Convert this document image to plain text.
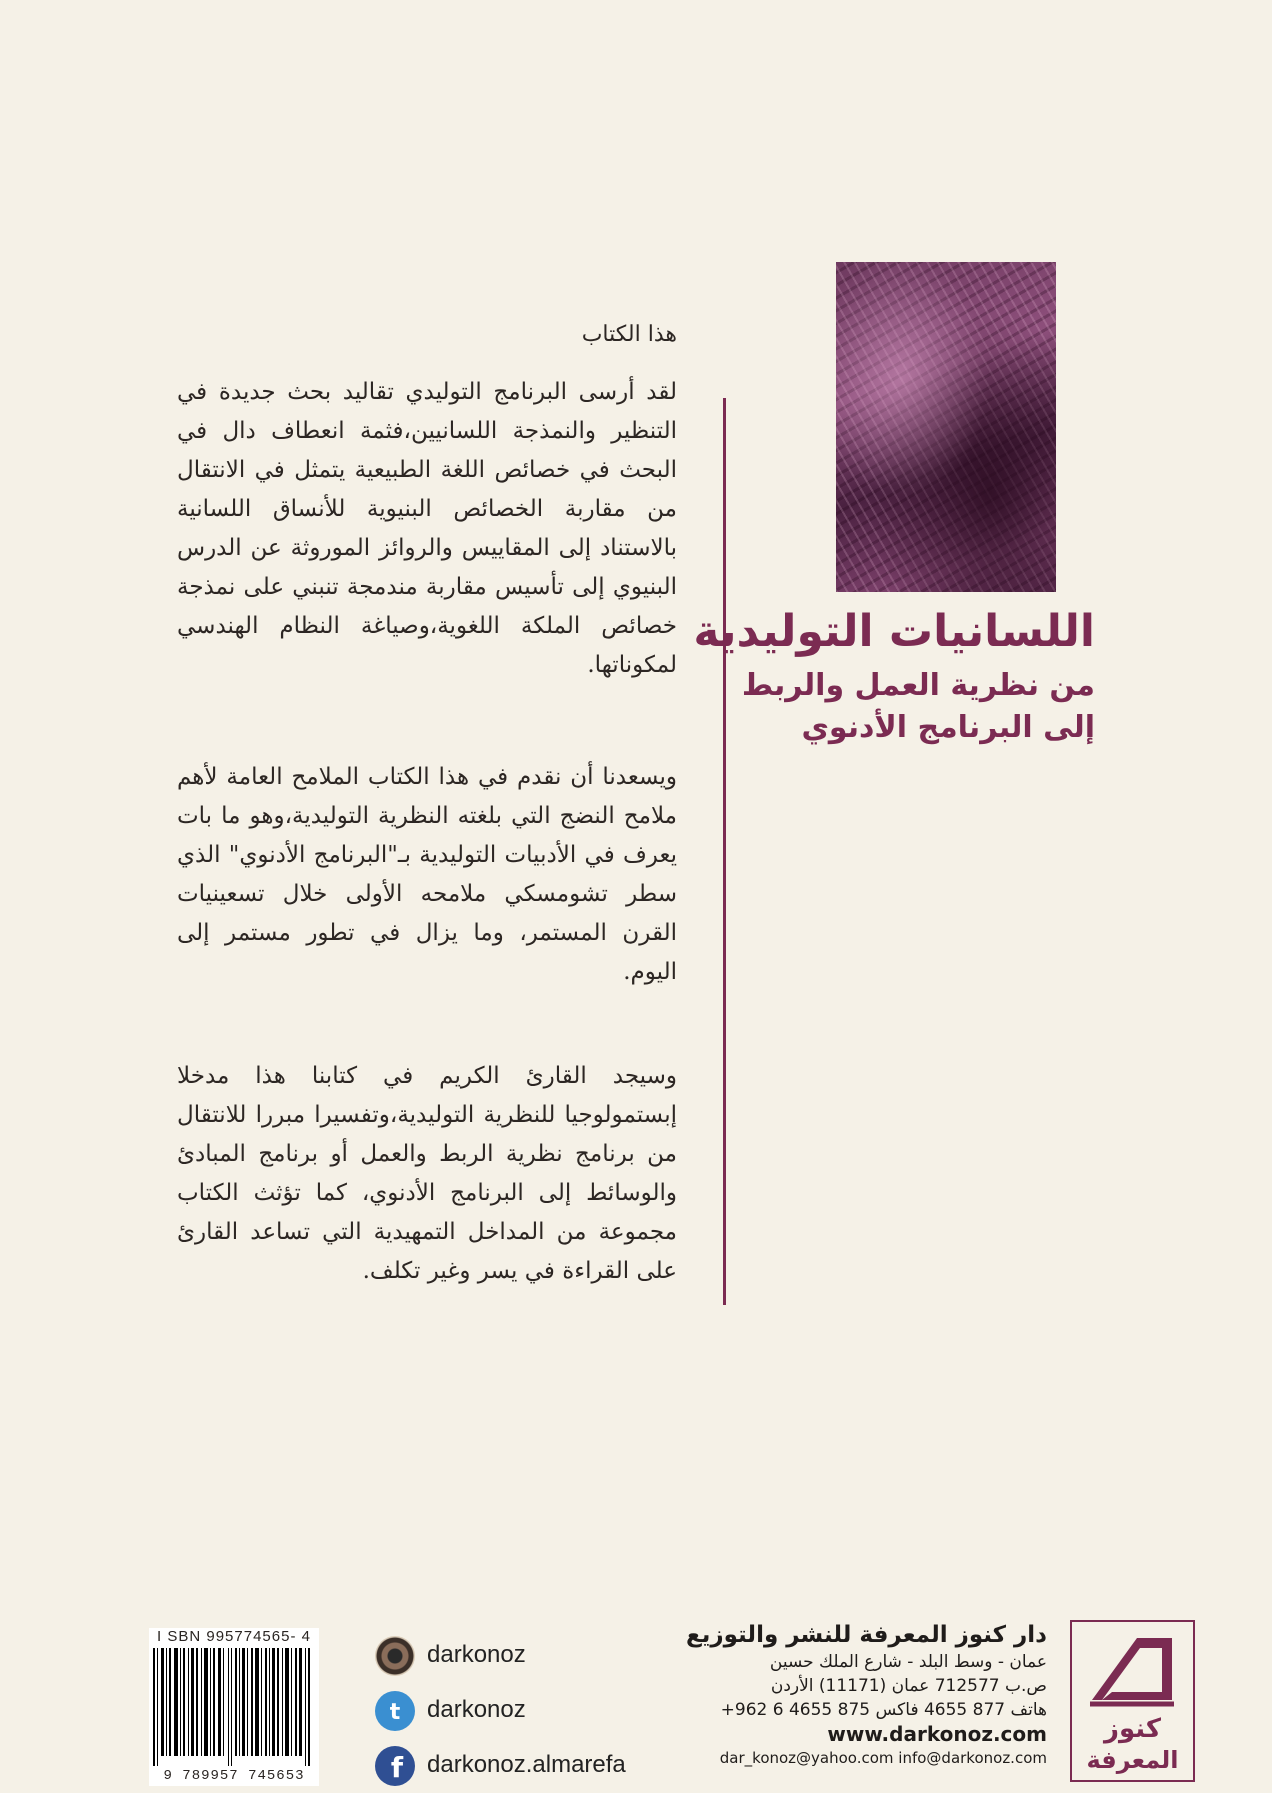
اللسانيات التوليدية
من نظرية العمل والربط
إلى البرنامج الأدنوي
هذا الكتاب
لقد أرسى البرنامج التوليدي تقاليد بحث جديدة في التنظير والنمذجة اللسانيين،فثمة انعطاف دال في البحث في خصائص اللغة الطبيعية يتمثل في الانتقال من مقاربة الخصائص البنيوية للأنساق اللسانية بالاستناد إلى المقاييس والروائز الموروثة عن الدرس البنيوي إلى تأسيس مقاربة مندمجة تنبني على نمذجة خصائص الملكة اللغوية،وصياغة النظام الهندسي لمكوناتها.
ويسعدنا أن نقدم في هذا الكتاب الملامح العامة لأهم ملامح النضج التي بلغته النظرية التوليدية،وهو ما بات يعرف في الأدبيات التوليدية بـ"البرنامج الأدنوي" الذي سطر تشومسكي ملامحه الأولى خلال تسعينيات القرن المستمر، وما يزال في تطور مستمر إلى اليوم.
وسيجد القارئ الكريم في كتابنا هذا مدخلا إبستمولوجيا للنظرية التوليدية،وتفسيرا مبررا للانتقال من برنامج نظرية الربط والعمل أو برنامج المبادئ والوسائط إلى البرنامج الأدنوي، كما تؤثث الكتاب مجموعة من المداخل التمهيدية التي تساعد القارئ على القراءة في يسر وغير تكلف.
دار كنوز المعرفة للنشر والتوزيع
عمان - وسط البلد - شارع الملك حسين
ص.ب 712577 عمان (11171) الأردن
هاتف 877 4655 فاكس 875 4655 6 962+
www.darkonoz.com
dar_konoz@yahoo.com info@darkonoz.com
كنوز
المعرفة
darkonoz
t darkonoz
f darkonoz.almarefa
I SBN 995774565- 4
9 789957 745653
